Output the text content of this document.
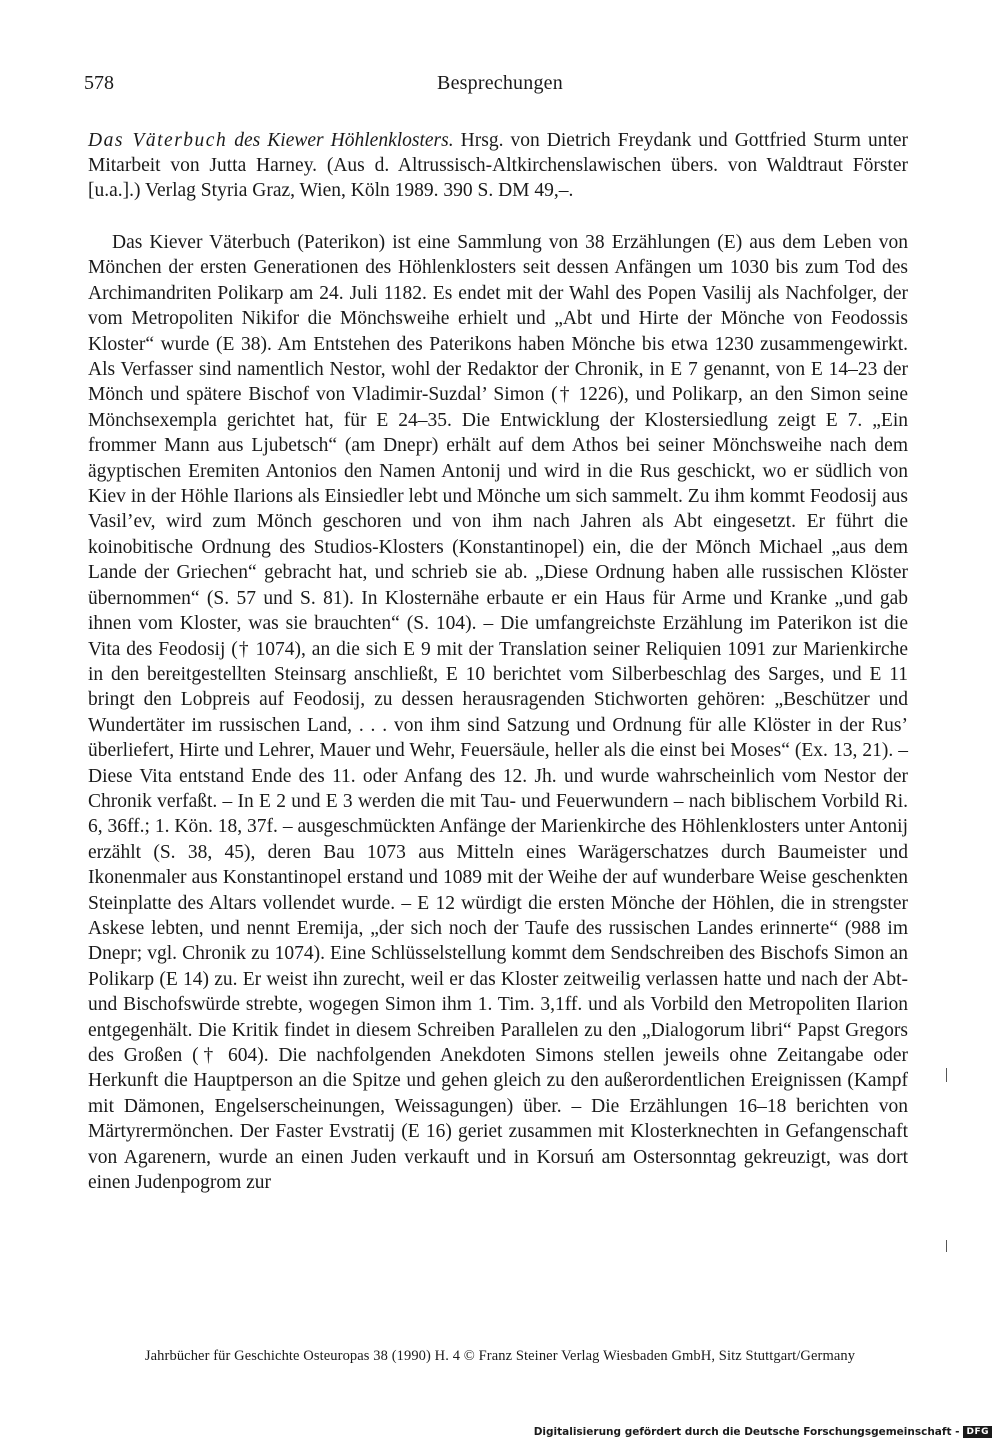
578	Besprechungen
Das Väterbuch des Kiewer Höhlenklosters. Hrsg. von Dietrich Freydank und Gottfried Sturm unter Mitarbeit von Jutta Harney. (Aus d. Altrussisch-Altkirchenslawischen übers. von Waldtraut Förster [u.a.].) Verlag Styria Graz, Wien, Köln 1989. 390 S. DM 49,–.

Das Kiever Väterbuch (Paterikon) ist eine Sammlung von 38 Erzählungen (E) aus dem Leben von Mönchen der ersten Generationen des Höhlenklosters seit dessen Anfängen um 1030 bis zum Tod des Archimandriten Polikarp am 24. Juli 1182. Es endet mit der Wahl des Popen Vasilij als Nachfolger, der vom Metropoliten Nikifor die Mönchsweihe erhielt und „Abt und Hirte der Mönche von Feodossis Kloster“ wurde (E 38). Am Entstehen des Paterikons haben Mönche bis etwa 1230 zusammengewirkt. Als Verfasser sind namentlich Nestor, wohl der Redaktor der Chronik, in E 7 genannt, von E 14–23 der Mönch und spätere Bischof von Vladimir-Suzdal’ Simon († 1226), und Polikarp, an den Simon seine Mönchsexempla gerichtet hat, für E 24–35. Die Entwicklung der Klostersiedlung zeigt E 7. „Ein frommer Mann aus Ljubetsch“ (am Dnepr) erhält auf dem Athos bei seiner Mönchsweihe nach dem ägyptischen Eremiten Antonios den Namen Antonij und wird in die Rus geschickt, wo er südlich von Kiev in der Höhle Ilarions als Einsiedler lebt und Mönche um sich sammelt. Zu ihm kommt Feodosij aus Vasil’ev, wird zum Mönch geschoren und von ihm nach Jahren als Abt eingesetzt. Er führt die koinobitische Ordnung des Studios-Klosters (Konstantinopel) ein, die der Mönch Michael „aus dem Lande der Griechen“ gebracht hat, und schrieb sie ab. „Diese Ordnung haben alle russischen Klöster übernommen“ (S. 57 und S. 81). In Klosternähe erbaute er ein Haus für Arme und Kranke „und gab ihnen vom Kloster, was sie brauchten“ (S. 104). – Die umfangreichste Erzählung im Paterikon ist die Vita des Feodosij († 1074), an die sich E 9 mit der Translation seiner Reliquien 1091 zur Marienkirche in den bereitgestellten Steinsarg anschließt, E 10 berichtet vom Silberbeschlag des Sarges, und E 11 bringt den Lobpreis auf Feodosij, zu dessen herausragenden Stichworten gehören: „Beschützer und Wundertäter im russischen Land, . . . von ihm sind Satzung und Ordnung für alle Klöster in der Rus’ überliefert, Hirte und Lehrer, Mauer und Wehr, Feuersäule, heller als die einst bei Moses“ (Ex. 13, 21). – Diese Vita entstand Ende des 11. oder Anfang des 12. Jh. und wurde wahrscheinlich vom Nestor der Chronik verfaßt. – In E 2 und E 3 werden die mit Tau- und Feuerwundern – nach biblischem Vorbild Ri. 6, 36ff.; 1. Kön. 18, 37f. – ausgeschmückten Anfänge der Marienkirche des Höhlenklosters unter Antonij erzählt (S. 38, 45), deren Bau 1073 aus Mitteln eines Warägerschatzes durch Baumeister und Ikonenmaler aus Konstantinopel erstand und 1089 mit der Weihe der auf wunderbare Weise geschenkten Steinplatte des Altars vollendet wurde. – E 12 würdigt die ersten Mönche der Höhlen, die in strengster Askese lebten, und nennt Eremija, „der sich noch der Taufe des russischen Landes erinnerte“ (988 im Dnepr; vgl. Chronik zu 1074). Eine Schlüsselstellung kommt dem Sendschreiben des Bischofs Simon an Polikarp (E 14) zu. Er weist ihn zurecht, weil er das Kloster zeitweilig verlassen hatte und nach der Abt- und Bischofswürde strebte, wogegen Simon ihm 1. Tim. 3,1ff. und als Vorbild den Metropoliten Ilarion entgegenhält. Die Kritik findet in diesem Schreiben Parallelen zu den „Dialogorum libri“ Papst Gregors des Großen († 604). Die nachfolgenden Anekdoten Simons stellen jeweils ohne Zeitangabe oder Herkunft die Hauptperson an die Spitze und gehen gleich zu den außerordentlichen Ereignissen (Kampf mit Dämonen, Engelserscheinungen, Weissagungen) über. – Die Erzählungen 16–18 berichten von Märtyrermönchen. Der Faster Evstratij (E 16) geriet zusammen mit Klosterknechten in Gefangenschaft von Agarenern, wurde an einen Juden verkauft und in Korsuń am Ostersonntag gekreuzigt, was dort einen Judenpogrom zur

Jahrbücher für Geschichte Osteuropas 38 (1990) H. 4 © Franz Steiner Verlag Wiesbaden GmbH, Sitz Stuttgart/Germany
Digitalisierung gefördert durch die Deutsche Forschungsgemeinschaft - DFG
